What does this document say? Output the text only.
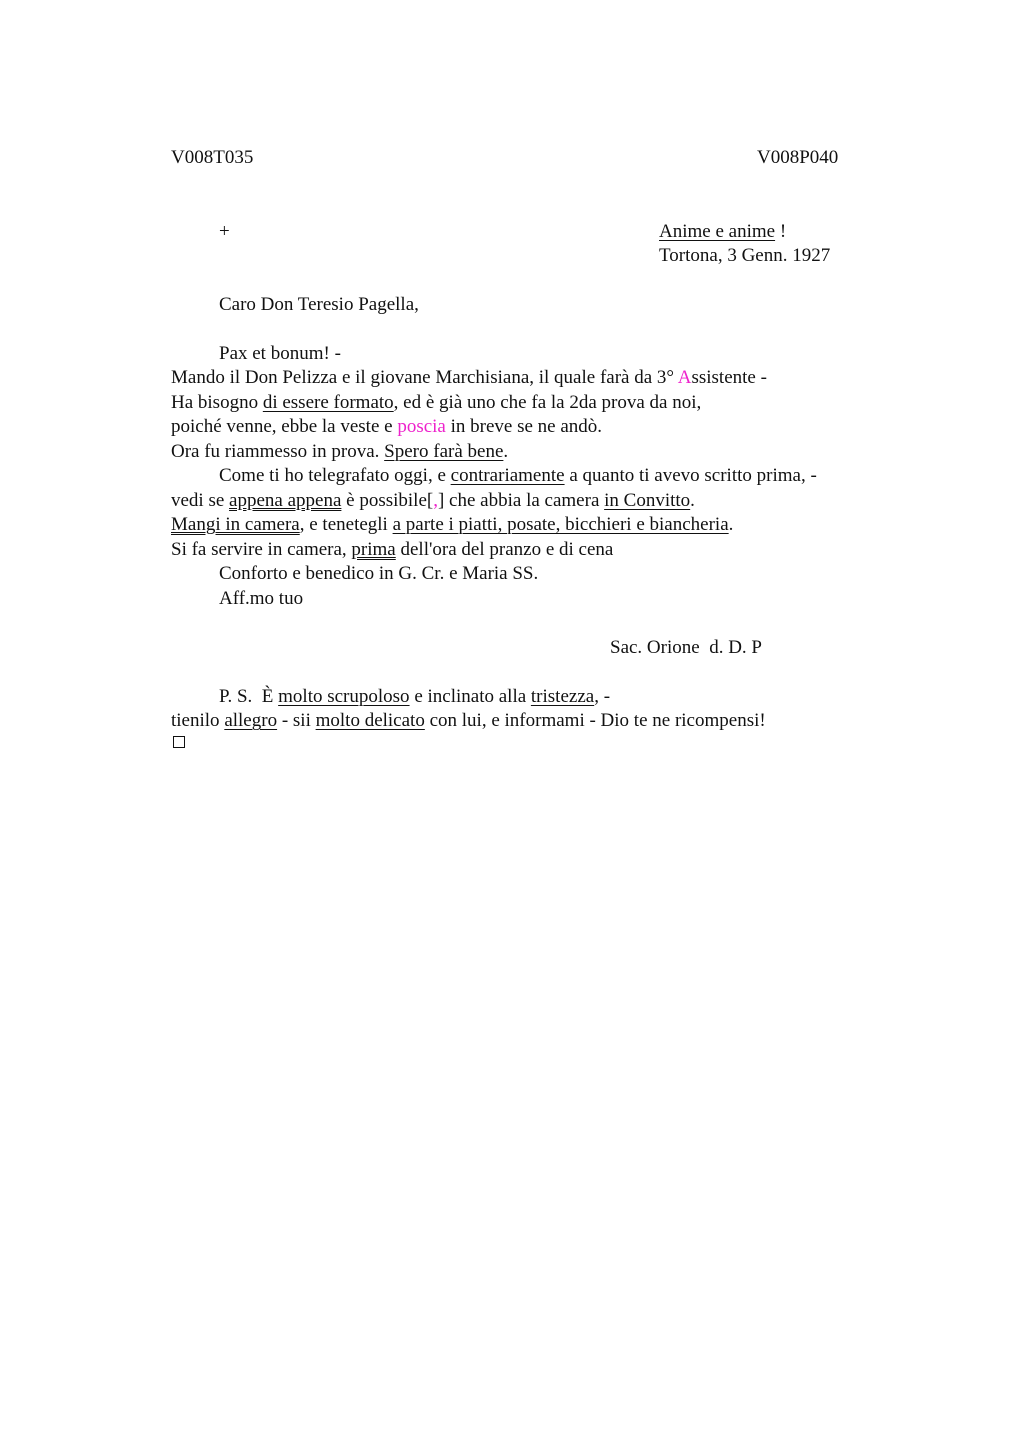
V008T035	V008P040
+	Anime e anime !
Tortona, 3 Genn. 1927
Caro Don Teresio Pagella,
Pax et bonum! -
Mando il Don Pelizza e il giovane Marchisiana, il quale farà da 3° Assistente -
Ha bisogno di essere formato, ed è già uno che fa la 2da prova da noi,
poiché venne, ebbe la veste e poscia in breve se ne andò.
Ora fu riammesso in prova. Spero farà bene.
Come ti ho telegrafato oggi, e contrariamente a quanto ti avevo scritto prima, -
vedi se appena appena è possibile[,] che abbia la camera in Convitto.
Mangi in camera, e tenetegli a parte i piatti, posate, bicchieri e biancheria.
Si fa servire in camera, prima dell'ora del pranzo e di cena
Conforto e benedico in G. Cr. e Maria SS.
Aff.mo tuo
Sac. Orione  d. D. P
P. S.  È molto scrupoloso e inclinato alla tristezza, -
tienilo allegro - sii molto delicato con lui, e informami - Dio te ne ricompensi!
